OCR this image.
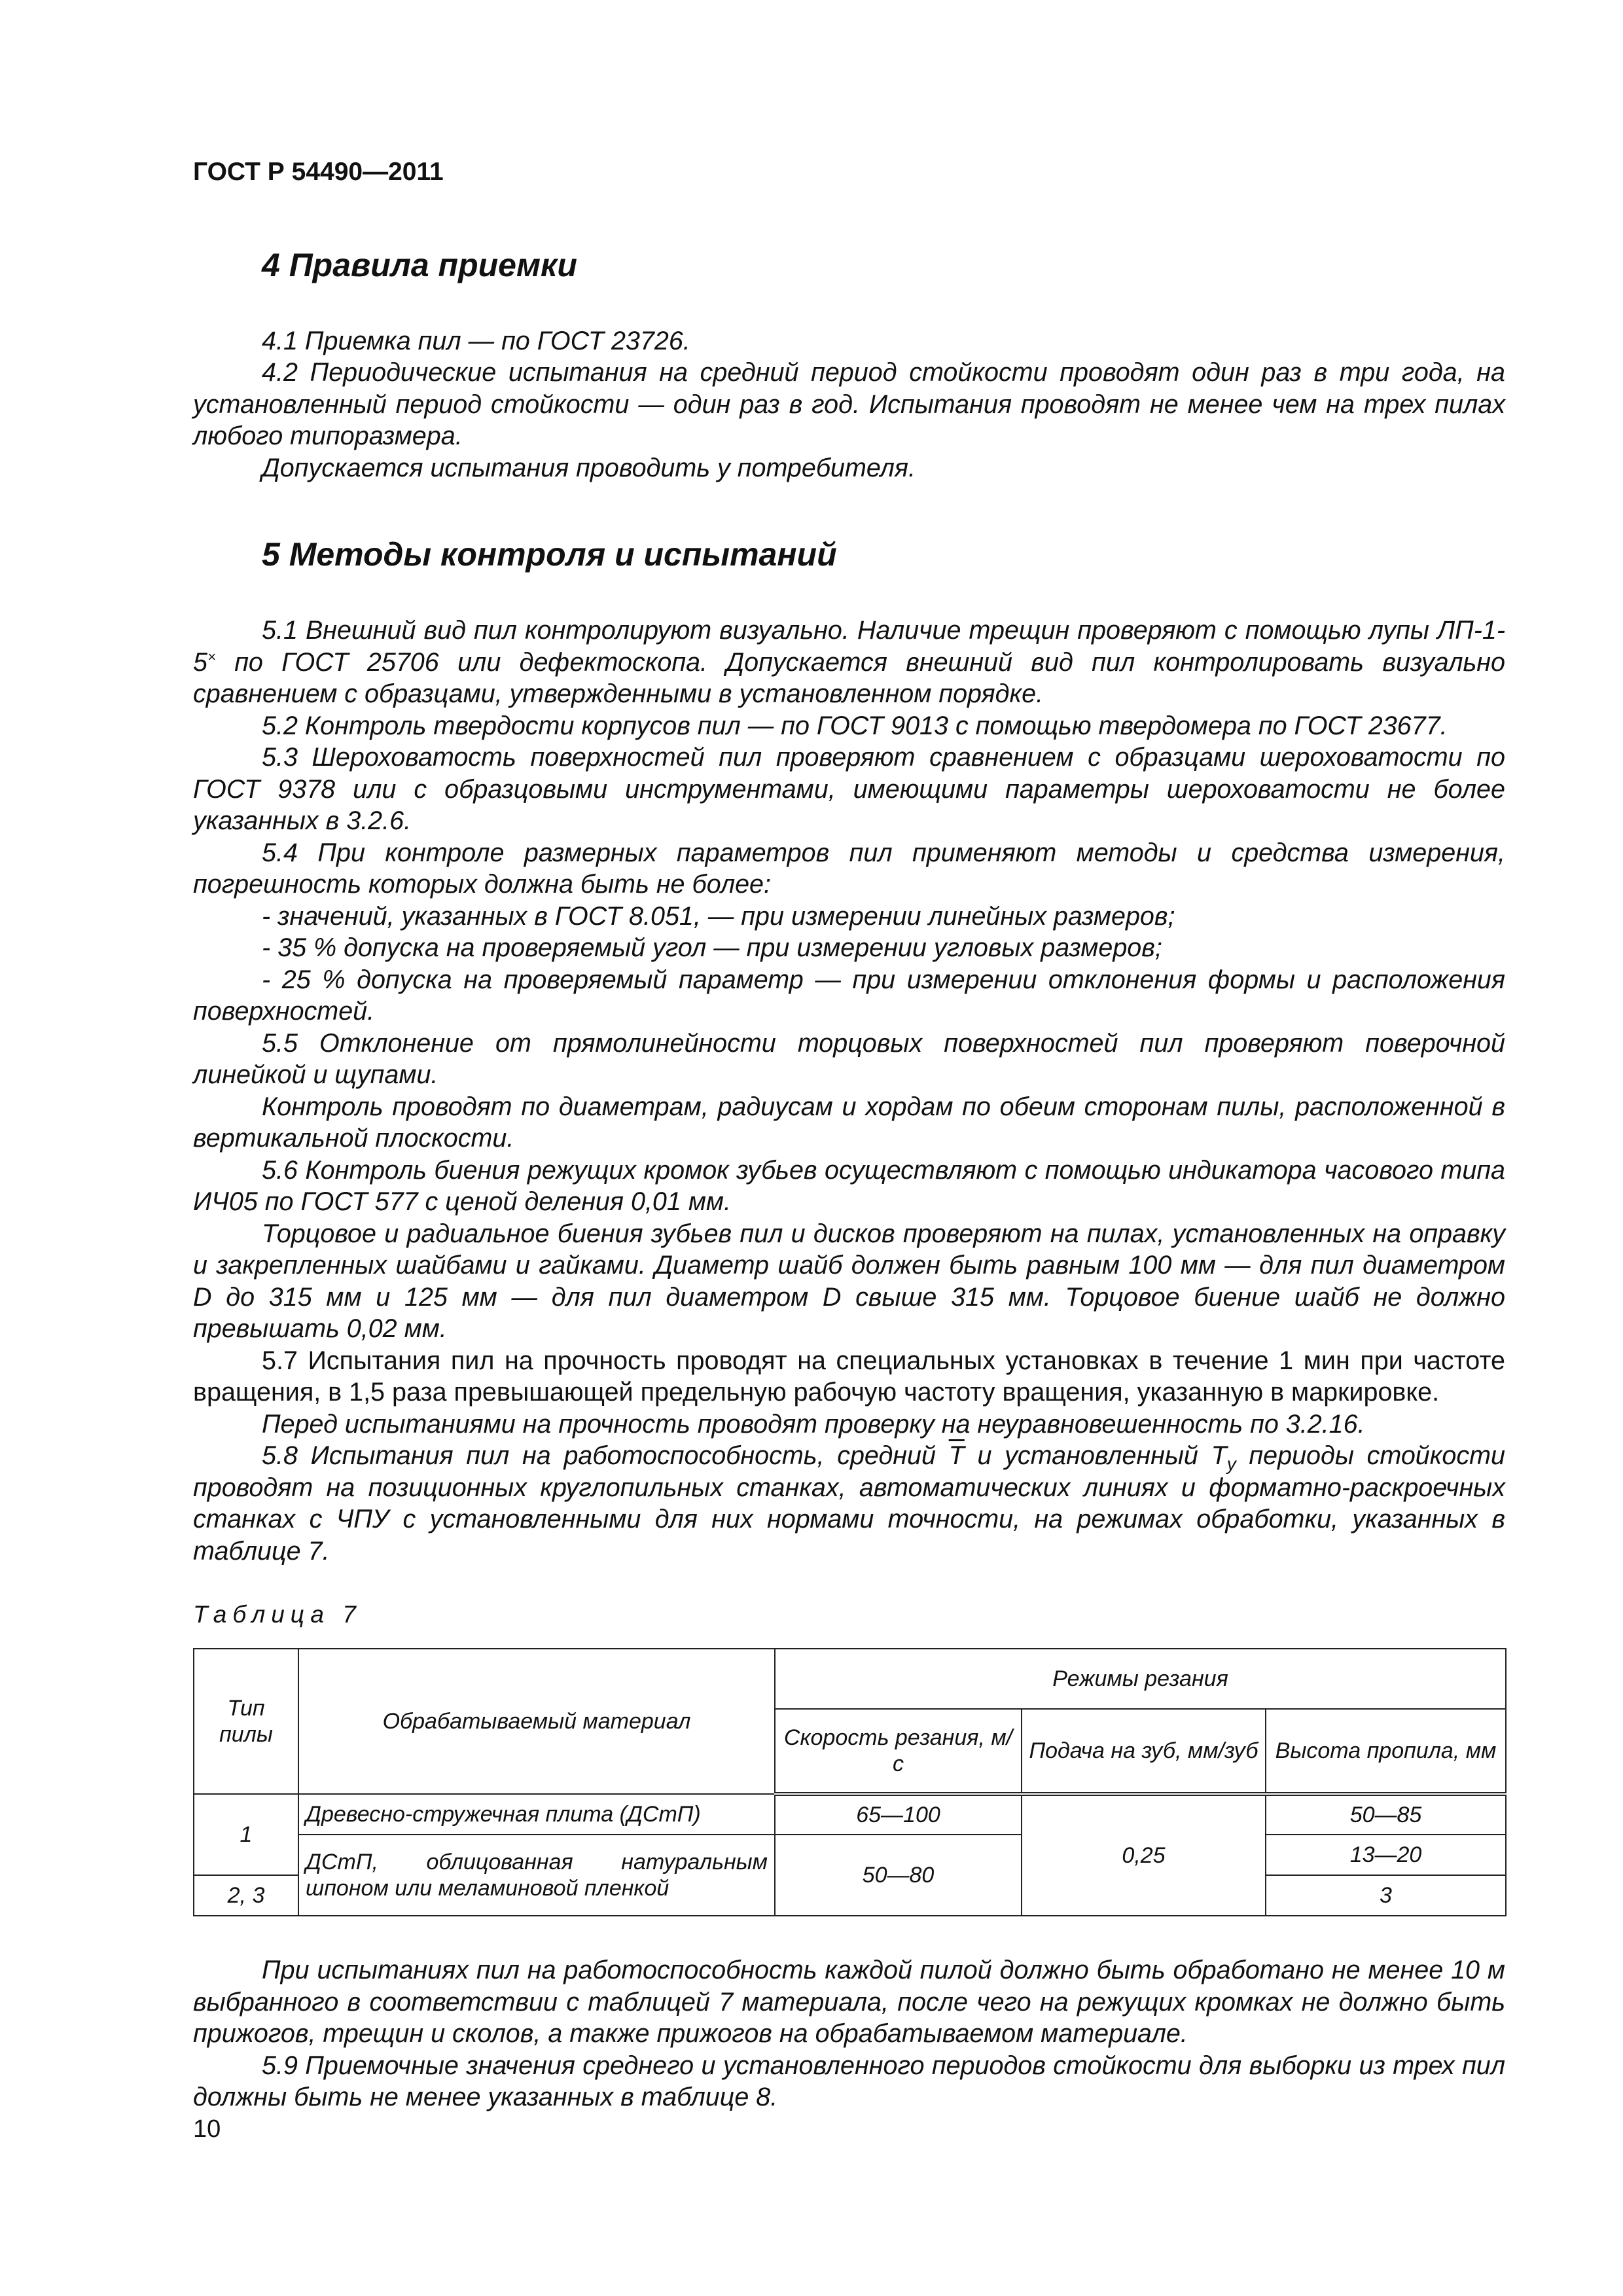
ГОСТ Р 54490—2011

4 Правила приемки

4.1 Приемка пил — по ГОСТ 23726.

4.2 Периодические испытания на средний период стойкости проводят один раз в три года, на установленный период стойкости — один раз в год. Испытания проводят не менее чем на трех пилах любого типоразмера.

Допускается испытания проводить у потребителя.

5 Методы контроля и испытаний

5.1 Внешний вид пил контролируют визуально. Наличие трещин проверяют с помощью лупы ЛП-1-5× по ГОСТ 25706 или дефектоскопа. Допускается внешний вид пил контролировать визуально сравнением с образцами, утвержденными в установленном порядке.

5.2 Контроль твердости корпусов пил — по ГОСТ 9013 с помощью твердомера по ГОСТ 23677.

5.3 Шероховатость поверхностей пил проверяют сравнением с образцами шероховатости по ГОСТ 9378 или с образцовыми инструментами, имеющими параметры шероховатости не более указанных в 3.2.6.

5.4 При контроле размерных параметров пил применяют методы и средства измерения, погрешность которых должна быть не более:

- значений, указанных в ГОСТ 8.051, — при измерении линейных размеров;

- 35 % допуска на проверяемый угол — при измерении угловых размеров;

- 25 % допуска на проверяемый параметр — при измерении отклонения формы и расположения поверхностей.

5.5 Отклонение от прямолинейности торцовых поверхностей пил проверяют поверочной линейкой и щупами.

Контроль проводят по диаметрам, радиусам и хордам по обеим сторонам пилы, расположенной в вертикальной плоскости.

5.6 Контроль биения режущих кромок зубьев осуществляют с помощью индикатора часового типа ИЧ05 по ГОСТ 577 с ценой деления 0,01 мм.

Торцовое и радиальное биения зубьев пил и дисков проверяют на пилах, установленных на оправку и закрепленных шайбами и гайками. Диаметр шайб должен быть равным 100 мм — для пил диаметром D до 315 мм и 125 мм — для пил диаметром D свыше 315 мм. Торцовое биение шайб не должно превышать 0,02 мм.

5.7 Испытания пил на прочность проводят на специальных установках в течение 1 мин при частоте вращения, в 1,5 раза превышающей предельную рабочую частоту вращения, указанную в маркировке.

Перед испытаниями на прочность проводят проверку на неуравновешенность по 3.2.16.

5.8 Испытания пил на работоспособность, средний $\overline{T}$ и установленный $T_у$ периоды стойкости проводят на позиционных круглопильных станках, автоматических линиях и форматно-раскроечных станках с ЧПУ с установленными для них нормами точности, на режимах обработки, указанных в таблице 7.

Таблица 7
Тип пилы	Обрабатываемый материал	Режимы резания		
		Скорость резания, м/с	Подача на зуб, мм/зуб	Высота пропила, мм
1	Древесно-стружечная плита (ДСтП)	65—100	0,25	50—85
	ДСтП, облицованная натуральным шпоном или меламиновой пленкой	50—80		13—20
2, 3				3

При испытаниях пил на работоспособность каждой пилой должно быть обработано не менее 10 м выбранного в соответствии с таблицей 7 материала, после чего на режущих кромках не должно быть прижогов, трещин и сколов, а также прижогов на обрабатываемом материале.

5.9 Приемочные значения среднего и установленного периодов стойкости для выборки из трех пил должны быть не менее указанных в таблице 8.

10
